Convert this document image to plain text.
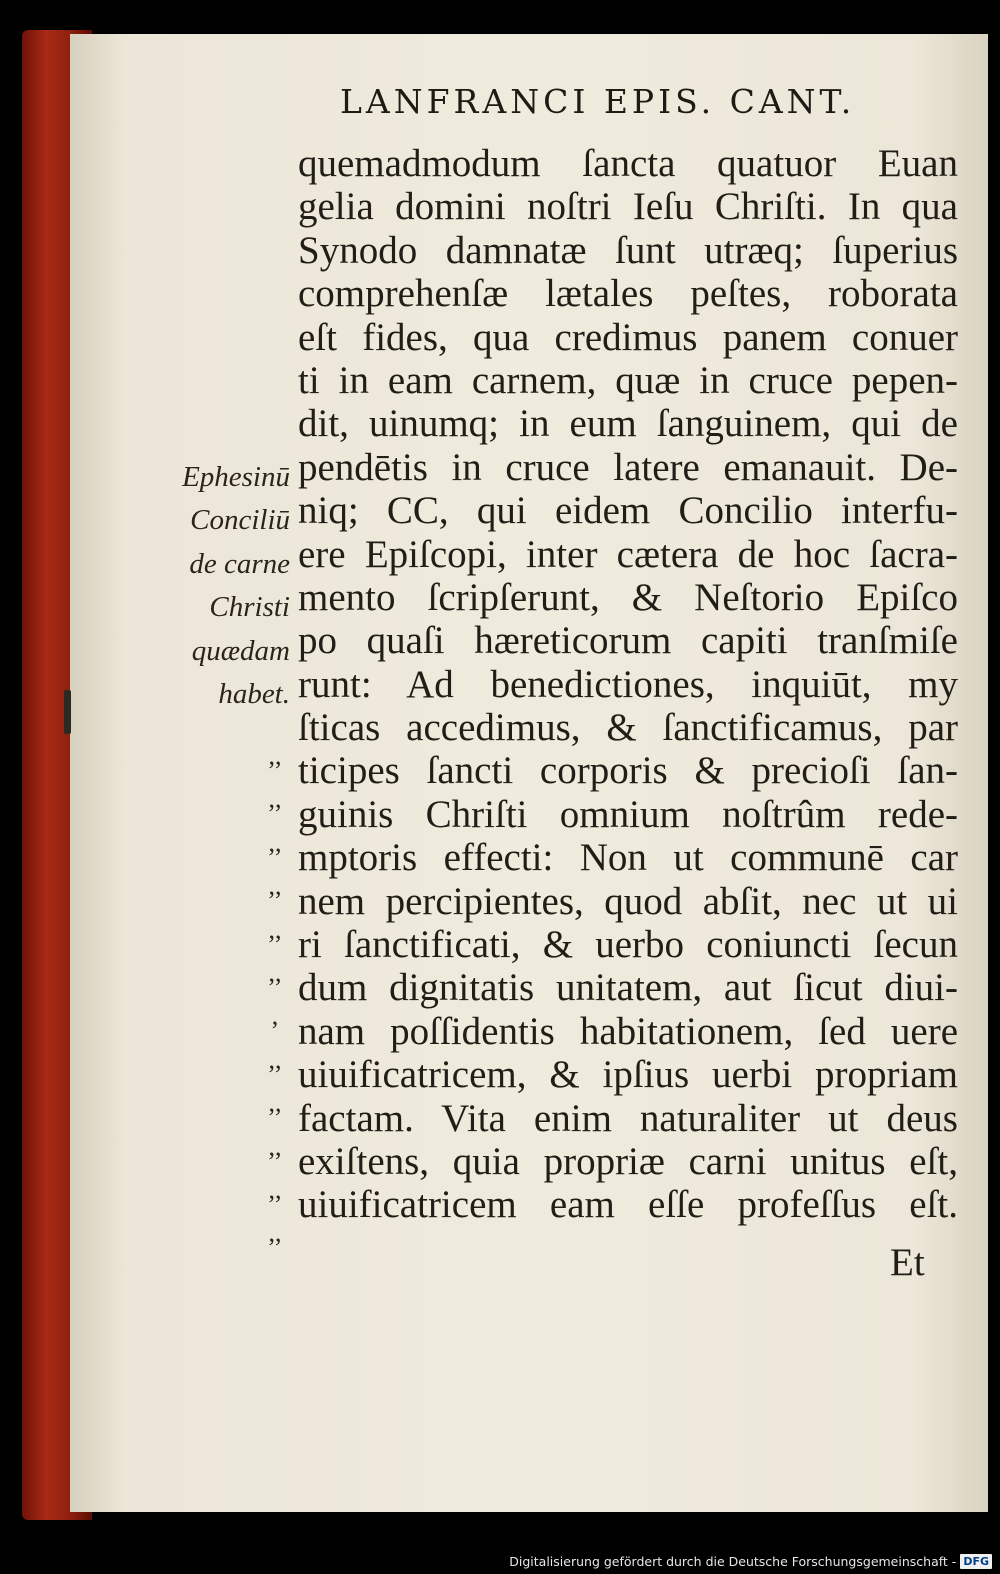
LANFRANCI EPIS. CANT.
quemadmodum ſancta quatuor Euan
gelia domini noſtri Ieſu Chriſti. In qua
Synodo damnatæ ſunt utræq; ſuperius
comprehenſæ lætales peſtes, roborata
eſt fides, qua credimus panem conuer
ti in eam carnem, quæ in cruce pepen-
dit, uinumq; in eum ſanguinem, qui de
pendētis in cruce latere emanauit. De-
niq; CC, qui eidem Concilio interfu-
ere Epiſcopi, inter cætera de hoc ſacra-
mento ſcripſerunt, & Neſtorio Epiſco
po quaſi hæreticorum capiti tranſmiſe
runt: Ad benedictiones, inquiūt, my
ſticas accedimus, & ſanctificamus, par
ticipes ſancti corporis & precioſi ſan-
guinis Chriſti omnium noſtrûm rede-
mptoris effecti: Non ut communē car
nem percipientes, quod abſit, nec ut ui
ri ſanctificati, & uerbo coniuncti ſecun
dum dignitatis unitatem, aut ſicut diui-
nam poſſidentis habitationem, ſed uere
uiuificatricem, & ipſius uerbi propriam
factam. Vita enim naturaliter ut deus
exiſtens, quia propriæ carni unitus eſt,
uiuificatricem eam eſſe profeſſus eſt.
Et
Ephesinū
Conciliū
de carne
Christi
quædam
habet.
,,
,,
,,
,,
,,
,,
,
,,
,,
,,
,,
,,
Digitalisierung gefördert durch die Deutsche Forschungsgemeinschaft - DFG
